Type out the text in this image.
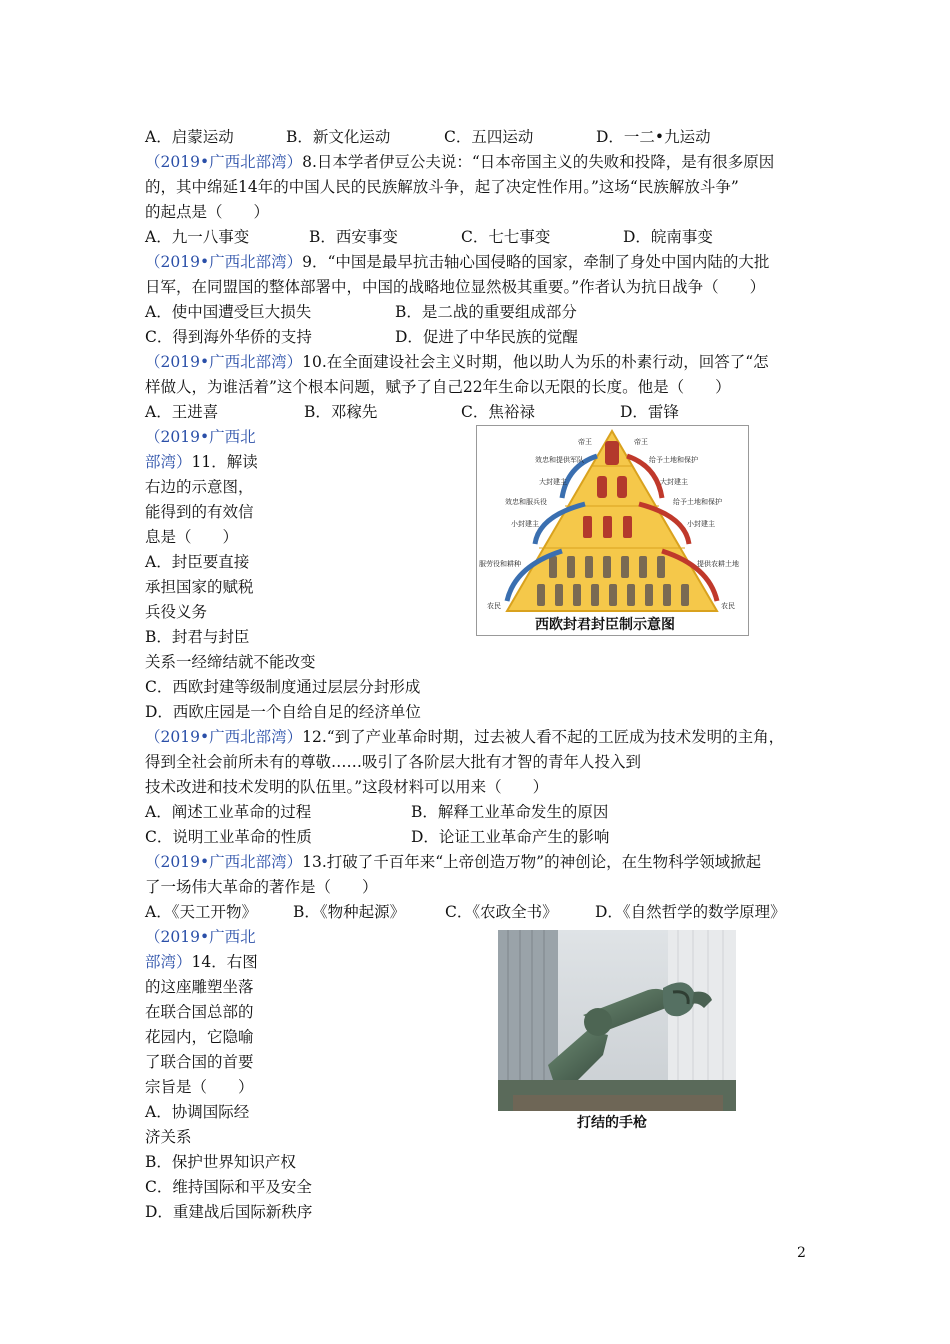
A．启蒙运动	B．新文化运动	C．五四运动	D．一二•九运动
（2019•广西北部湾）8.日本学者伊豆公夫说：“日本帝国主义的失败和投降，是有很多原因
的，其中绵延14年的中国人民的民族解放斗争，起了决定性作用。”这场“民族解放斗争”
的起点是（　　）
A．九一八事变	B．西安事变	C．七七事变	D．皖南事变
（2019•广西北部湾）9．“中国是最早抗击轴心国侵略的国家，牵制了身处中国内陆的大批
日军，在同盟国的整体部署中，中国的战略地位显然极其重要。”作者认为抗日战争（　　）
A．使中国遭受巨大损失	B．是二战的重要组成部分
C．得到海外华侨的支持	D．促进了中华民族的觉醒
（2019•广西北部湾）10.在全面建设社会主义时期，他以助人为乐的朴素行动，回答了“怎
样做人，为谁活着”这个根本问题，赋予了自己22年生命以无限的长度。他是（　　）
A．王进喜	B．邓稼先	C．焦裕禄	D．雷锋
（2019•广西北
部湾）11．解读
右边的示意图，
能得到的有效信
息是（　　）
A．封臣要直接
承担国家的赋税
兵役义务
B．封君与封臣
关系一经缔结就不能改变
C．西欧封建等级制度通过层层分封形成
D．西欧庄园是一个自给自足的经济单位
帝王	帝王
大封建主	大封建主
小封建主	小封建主
农民	农民
效忠和提供军队
效忠和服兵役
服劳役和耕种
给予土地和保护
给予土地和保护
提供农耕土地
西欧封君封臣制示意图
（2019•广西北部湾）12.“到了产业革命时期，过去被人看不起的工匠成为技术发明的主角，
得到全社会前所未有的尊敬……吸引了各阶层大批有才智的青年人投入到
技术改进和技术发明的队伍里。”这段材料可以用来（　　）
A．阐述工业革命的过程	B．解释工业革命发生的原因
C．说明工业革命的性质	D．论证工业革命产生的影响
（2019•广西北部湾）13.打破了千百年来“上帝创造万物”的神创论，在生物科学领域掀起
了一场伟大革命的著作是（　　）
A．《天工开物》 B．《物种起源》	C．《农政全书》 D．《自然哲学的数学原理》
（2019•广西北
部湾）14．右图
的这座雕塑坐落
在联合国总部的
花园内，它隐喻
了联合国的首要
宗旨是（　　）
A．协调国际经
济关系
B．保护世界知识产权
C．维持国际和平及安全
D．重建战后国际新秩序
打结的手枪
2
